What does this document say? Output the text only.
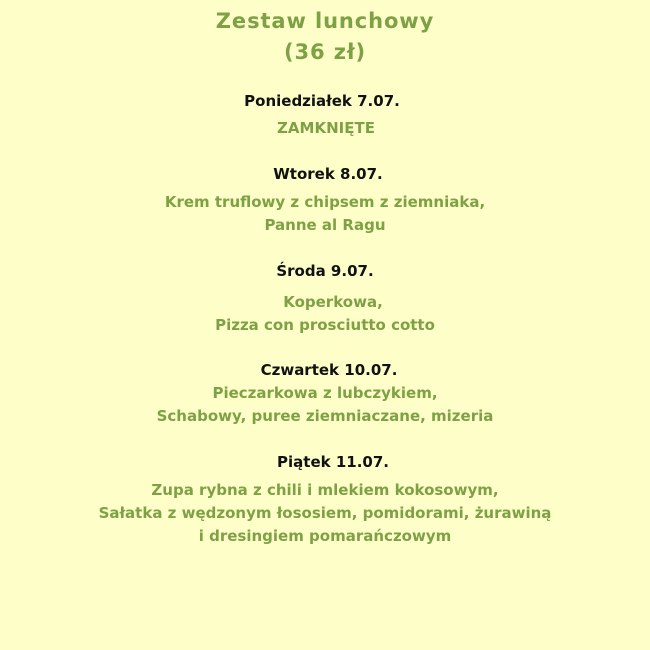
Zestaw lunchowy
(36 zł)
Poniedziałek 7.07.
ZAMKNIĘTE
Wtorek 8.07.
Krem truflowy z chipsem z ziemniaka,
Panne al Ragu
Środa 9.07.
Koperkowa,
Pizza con prosciutto cotto
Czwartek 10.07.
Pieczarkowa z lubczykiem,
Schabowy, puree ziemniaczane, mizeria
Piątek 11.07.
Zupa rybna z chili i mlekiem kokosowym,
Sałatka z wędzonym łososiem, pomidorami, żurawiną
i dresingiem pomarańczowym
